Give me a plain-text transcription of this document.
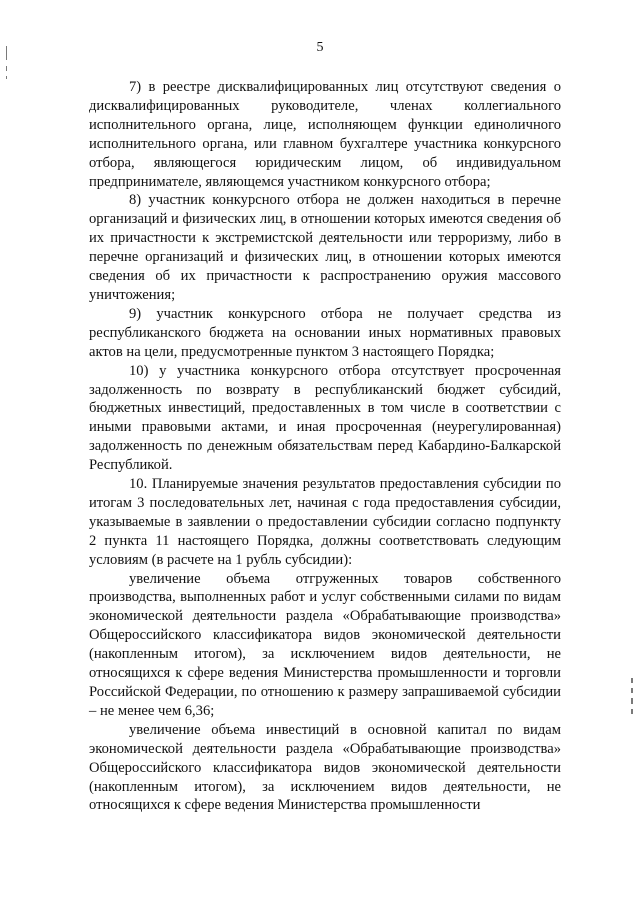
5

7) в реестре дисквалифицированных лиц отсутствуют сведения о дисквалифицированных руководителе, членах коллегиального исполнительного органа, лице, исполняющем функции единоличного исполнительного органа, или главном бухгалтере участника конкурсного отбора, являющегося юридическим лицом, об индивидуальном предпринимателе, являющемся участником конкурсного отбора;

8) участник конкурсного отбора не должен находиться в перечне организаций и физических лиц, в отношении которых имеются сведения об их причастности к экстремистской деятельности или терроризму, либо в перечне организаций и физических лиц, в отношении которых имеются сведения об их причастности к распространению оружия массового уничтожения;

9) участник конкурсного отбора не получает средства из республиканского бюджета на основании иных нормативных правовых актов на цели, предусмотренные пунктом 3 настоящего Порядка;

10) у участника конкурсного отбора отсутствует просроченная задолженность по возврату в республиканский бюджет субсидий, бюджетных инвестиций, предоставленных в том числе в соответствии с иными правовыми актами, и иная просроченная (неурегулированная) задолженность по денежным обязательствам перед Кабардино-Балкарской Республикой.

10. Планируемые значения результатов предоставления субсидии по итогам 3 последовательных лет, начиная с года предоставления субсидии, указываемые в заявлении о предоставлении субсидии согласно подпункту 2 пункта 11 настоящего Порядка, должны соответствовать следующим условиям (в расчете на 1 рубль субсидии):

увеличение объема отгруженных товаров собственного производства, выполненных работ и услуг собственными силами по видам экономической деятельности раздела «Обрабатывающие производства» Общероссийского классификатора видов экономической деятельности (накопленным итогом), за исключением видов деятельности, не относящихся к сфере ведения Министерства промышленности и торговли Российской Федерации, по отношению к размеру запрашиваемой субсидии – не менее чем 6,36;

увеличение объема инвестиций в основной капитал по видам экономической деятельности раздела «Обрабатывающие производства» Общероссийского классификатора видов экономической деятельности (накопленным итогом), за исключением видов деятельности, не относящихся к сфере ведения Министерства промышленности
